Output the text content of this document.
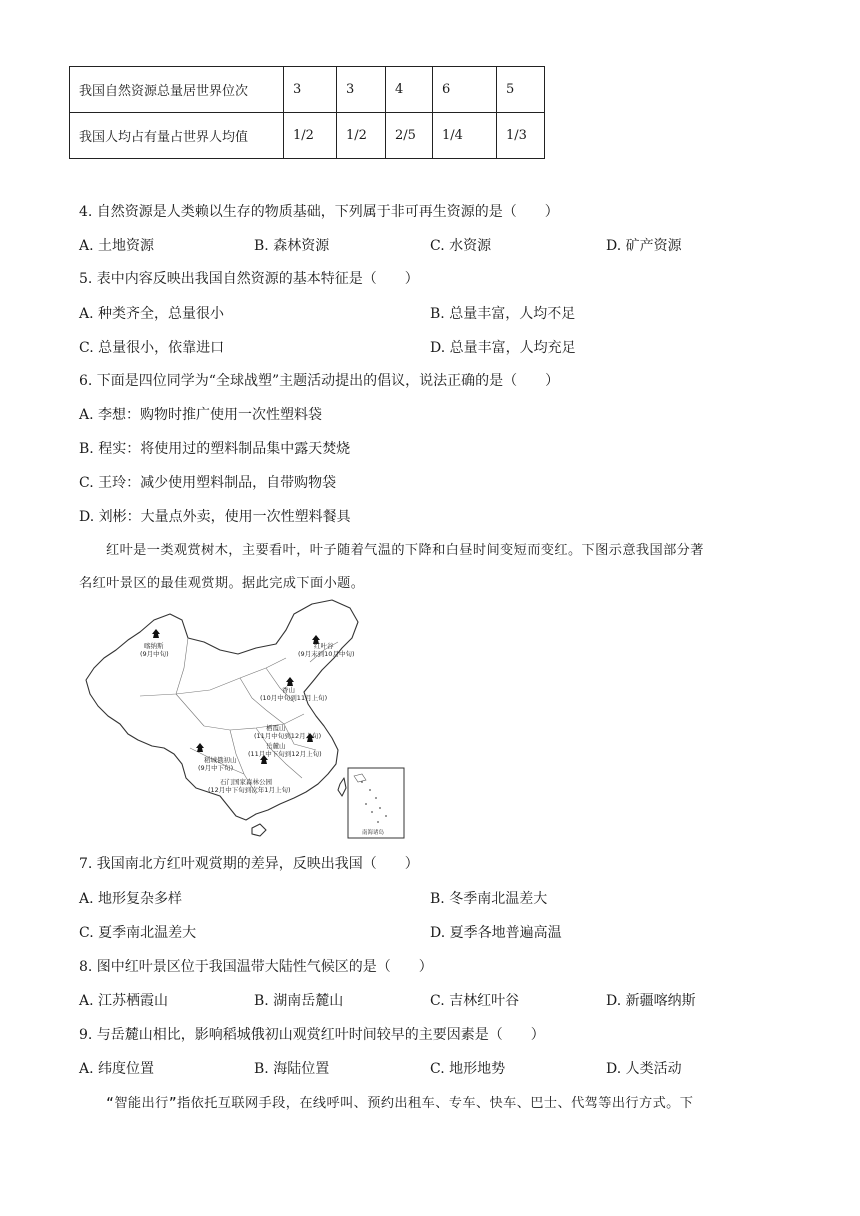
我国自然资源总量居世界位次	3	3	4	6	5
我国人均占有量占世界人均值	1/2	1/2	2/5	1/4	1/3
4. 自然资源是人类赖以生存的物质基础，下列属于非可再生资源的是（　　）
A. 土地资源	B. 森林资源	C. 水资源	D. 矿产资源
5. 表中内容反映出我国自然资源的基本特征是（　　）
A. 种类齐全，总量很小	B. 总量丰富，人均不足
C. 总量很小，依靠进口	D. 总量丰富，人均充足
6. 下面是四位同学为“全球战塑”主题活动提出的倡议，说法正确的是（　　）
A. 李想：购物时推广使用一次性塑料袋
B. 程实：将使用过的塑料制品集中露天焚烧
C. 王玲：减少使用塑料制品，自带购物袋
D. 刘彬：大量点外卖，使用一次性塑料餐具
红叶是一类观赏树木，主要看叶，叶子随着气温的下降和白昼时间变短而变红。下图示意我国部分著
名红叶景区的最佳观赏期。据此完成下面小题。
喀纳斯
(9月中旬)
红叶谷
(9月末到10月中旬)
香山
(10月中旬到11月上旬)
栖霞山
(11月中旬到12月上旬)
岳麓山
(11月中下旬到12月上旬)
稻城俄初山
(9月中下旬)
石门国家森林公园
(12月中下旬到次年1月上旬)
南海诸岛
7. 我国南北方红叶观赏期的差异，反映出我国（　　）
A. 地形复杂多样	B. 冬季南北温差大
C. 夏季南北温差大	D. 夏季各地普遍高温
8. 图中红叶景区位于我国温带大陆性气候区的是（　　）
A. 江苏栖霞山	B. 湖南岳麓山	C. 吉林红叶谷	D. 新疆喀纳斯
9. 与岳麓山相比，影响稻城俄初山观赏红叶时间较早的主要因素是（　　）
A. 纬度位置	B. 海陆位置	C. 地形地势	D. 人类活动
“智能出行”指依托互联网手段，在线呼叫、预约出租车、专车、快车、巴士、代驾等出行方式。下
